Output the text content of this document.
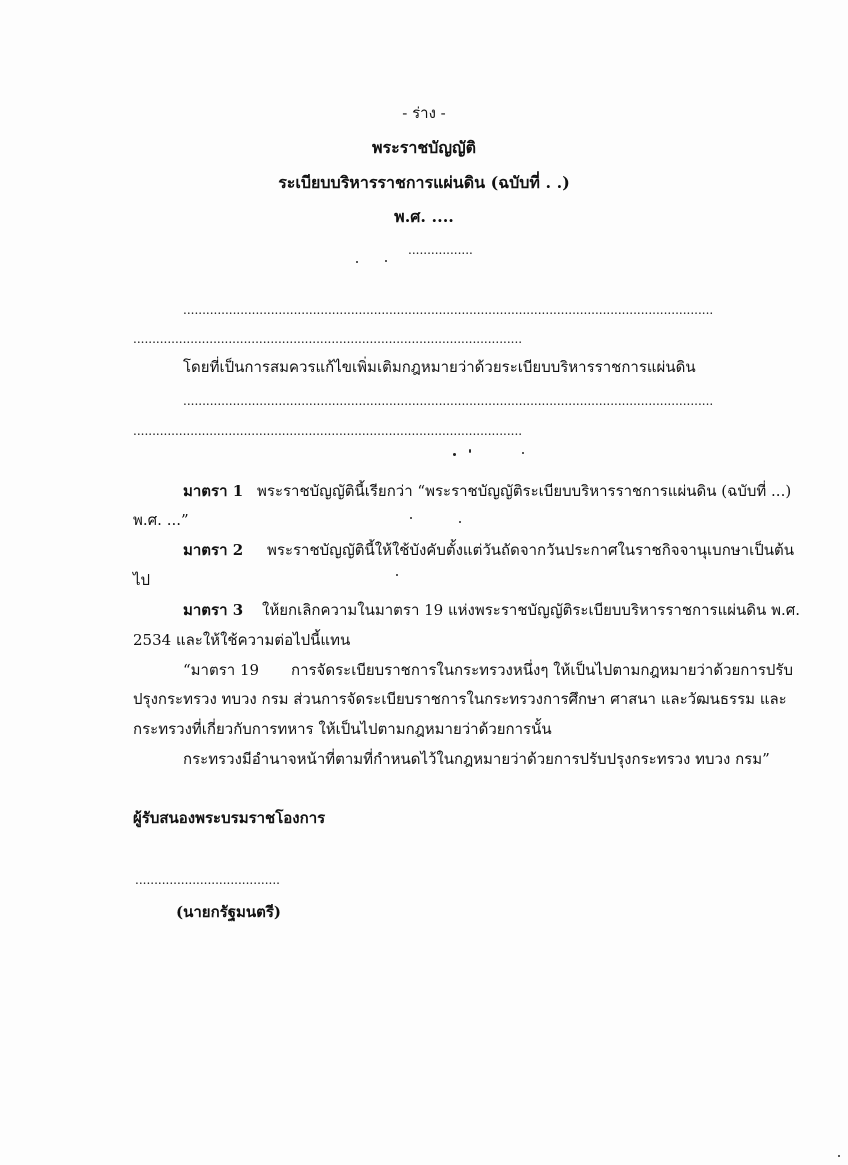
- ร่าง -
พระราชบัญญัติ
ระเบียบบริหารราชการแผ่นดิน (ฉบับที่ . .)
พ.ศ. ....
.................
...........................................................................................................................................
......................................................................................................
โดยที่เป็นการสมควรแก้ไขเพิ่มเติมกฎหมายว่าด้วยระเบียบบริหารราชการแผ่นดิน
...........................................................................................................................................
......................................................................................................
มาตรา 1 พระราชบัญญัตินี้เรียกว่า “พระราชบัญญัติระเบียบบริหารราชการแผ่นดิน (ฉบับที่ ...)
พ.ศ. ...”
มาตรา 2 พระราชบัญญัตินี้ให้ใช้บังคับตั้งแต่วันถัดจากวันประกาศในราชกิจจานุเบกษาเป็นต้น
ไป
มาตรา 3 ให้ยกเลิกความในมาตรา 19 แห่งพระราชบัญญัติระเบียบบริหารราชการแผ่นดิน พ.ศ.
2534 และให้ใช้ความต่อไปนี้แทน
“มาตรา 19 การจัดระเบียบราชการในกระทรวงหนึ่งๆ ให้เป็นไปตามกฎหมายว่าด้วยการปรับ
ปรุงกระทรวง ทบวง กรม ส่วนการจัดระเบียบราชการในกระทรวงการศึกษา ศาสนา และวัฒนธรรม และ
กระทรวงที่เกี่ยวกับการทหาร ให้เป็นไปตามกฎหมายว่าด้วยการนั้น
กระทรวงมีอำนาจหน้าที่ตามที่กำหนดไว้ในกฎหมายว่าด้วยการปรับปรุงกระทรวง ทบวง กรม”
ผู้รับสนองพระบรมราชโองการ
......................................
(นายกรัฐมนตรี)
